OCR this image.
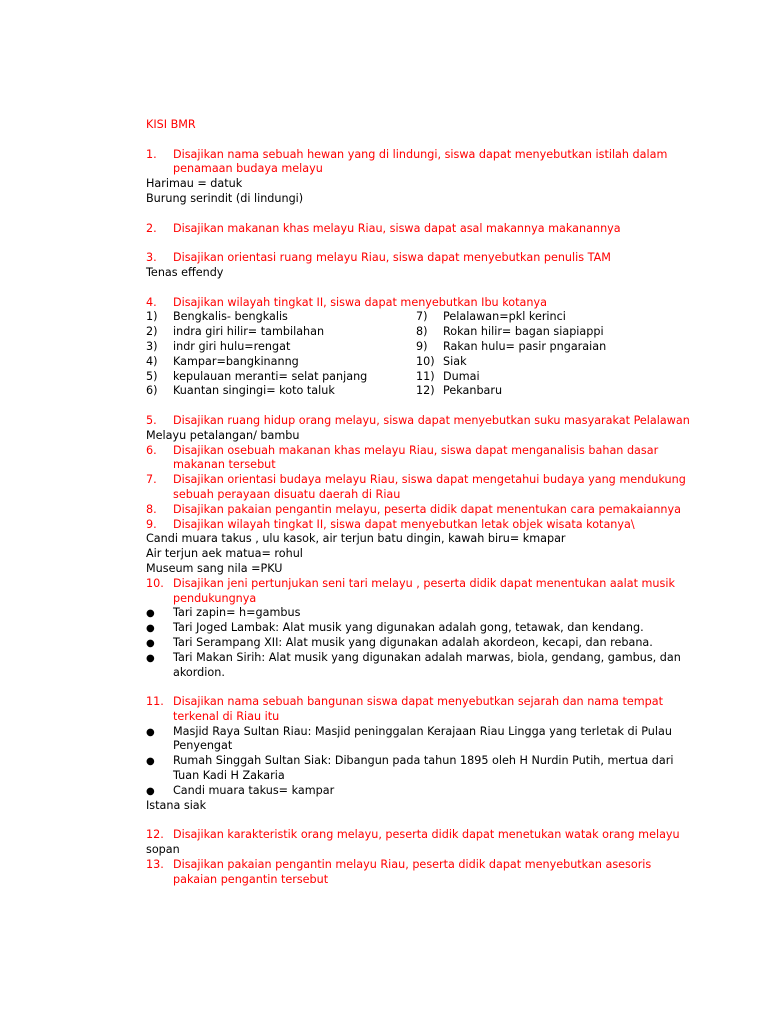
KISI BMR
1. Disajikan nama sebuah hewan yang di lindungi, siswa dapat menyebutkan istilah dalam
penamaan budaya melayu
Harimau = datuk
Burung serindit (di lindungi)
2. Disajikan makanan khas melayu Riau, siswa dapat asal makannya makanannya
3. Disajikan orientasi ruang melayu Riau, siswa dapat menyebutkan penulis TAM
Tenas effendy
4. Disajikan wilayah tingkat II, siswa dapat menyebutkan Ibu kotanya
1) Bengkalis- bengkalis
2) indra giri hilir= tambilahan
3) indr giri hulu=rengat
4) Kampar=bangkinanng
5) kepulauan meranti= selat panjang
6) Kuantan singingi= koto taluk
7) Pelalawan=pkl kerinci
8) Rokan hilir= bagan siapiappi
9) Rakan hulu= pasir pngaraian
10) Siak
11) Dumai
12) Pekanbaru
5. Disajikan ruang hidup orang melayu, siswa dapat menyebutkan suku masyarakat Pelalawan
Melayu petalangan/ bambu
6. Disajikan osebuah makanan khas melayu Riau, siswa dapat menganalisis bahan dasar
makanan tersebut
7. Disajikan orientasi budaya melayu Riau, siswa dapat mengetahui budaya yang mendukung
sebuah perayaan disuatu daerah di Riau
8. Disajikan pakaian pengantin melayu, peserta didik dapat menentukan cara pemakaiannya
9. Disajikan wilayah tingkat II, siswa dapat menyebutkan letak objek wisata kotanya\
Candi muara takus , ulu kasok, air terjun batu dingin, kawah biru= kmapar
Air terjun aek matua= rohul
Museum sang nila =PKU
10. Disajikan jeni pertunjukan seni tari melayu , peserta didik dapat menentukan aalat musik
pendukungnya
● Tari zapin= h=gambus
● Tari Joged Lambak: Alat musik yang digunakan adalah gong, tetawak, dan kendang.
● Tari Serampang XII: Alat musik yang digunakan adalah akordeon, kecapi, dan rebana.
● Tari Makan Sirih: Alat musik yang digunakan adalah marwas, biola, gendang, gambus, dan
akordion.
11. Disajikan nama sebuah bangunan siswa dapat menyebutkan sejarah dan nama tempat
terkenal di Riau itu
● Masjid Raya Sultan Riau: Masjid peninggalan Kerajaan Riau Lingga yang terletak di Pulau
Penyengat
● Rumah Singgah Sultan Siak: Dibangun pada tahun 1895 oleh H Nurdin Putih, mertua dari
Tuan Kadi H Zakaria
● Candi muara takus= kampar
Istana siak
12. Disajikan karakteristik orang melayu, peserta didik dapat menetukan watak orang melayu
sopan
13. Disajikan pakaian pengantin melayu Riau, peserta didik dapat menyebutkan asesoris
pakaian pengantin tersebut
